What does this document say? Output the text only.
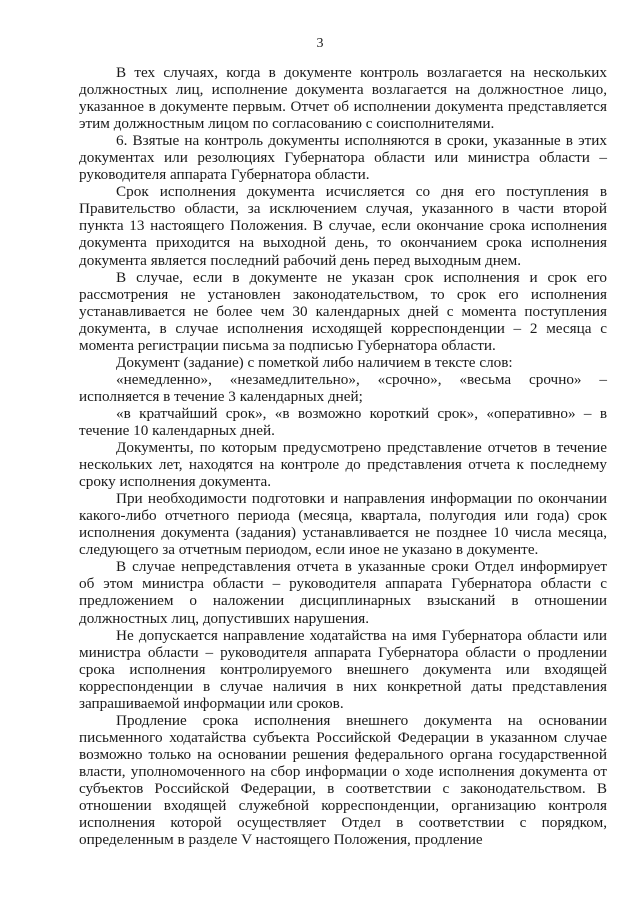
3

В тех случаях, когда в документе контроль возлагается на нескольких должностных лиц, исполнение документа возлагается на должностное лицо, указанное в документе первым. Отчет об исполнении документа представляется этим должностным лицом по согласованию с соисполнителями.

6. Взятые на контроль документы исполняются в сроки, указанные в этих документах или резолюциях Губернатора области или министра области – руководителя аппарата Губернатора области.

Срок исполнения документа исчисляется со дня его поступления в Правительство области, за исключением случая, указанного в части второй пункта 13 настоящего Положения. В случае, если окончание срока исполнения документа приходится на выходной день, то окончанием срока исполнения документа является последний рабочий день перед выходным днем.

В случае, если в документе не указан срок исполнения и срок его рассмотрения не установлен законодательством, то срок его исполнения устанавливается не более чем 30 календарных дней с момента поступления документа, в случае исполнения исходящей корреспонденции – 2 месяца с момента регистрации письма за подписью Губернатора области.

Документ (задание) с пометкой либо наличием в тексте слов:

«немедленно», «незамедлительно», «срочно», «весьма срочно» – исполняется в течение 3 календарных дней;

«в кратчайший срок», «в возможно короткий срок», «оперативно» – в течение 10 календарных дней.

Документы, по которым предусмотрено представление отчетов в течение нескольких лет, находятся на контроле до представления отчета к последнему сроку исполнения документа.

При необходимости подготовки и направления информации по окончании какого-либо отчетного периода (месяца, квартала, полугодия или года) срок исполнения документа (задания) устанавливается не позднее 10 числа месяца, следующего за отчетным периодом, если иное не указано в документе.

В случае непредставления отчета в указанные сроки Отдел информирует об этом министра области – руководителя аппарата Губернатора области с предложением о наложении дисциплинарных взысканий в отношении должностных лиц, допустивших нарушения.

Не допускается направление ходатайства на имя Губернатора области или министра области – руководителя аппарата Губернатора области о продлении срока исполнения контролируемого внешнего документа или входящей корреспонденции в случае наличия в них конкретной даты представления запрашиваемой информации или сроков.

Продление срока исполнения внешнего документа на основании письменного ходатайства субъекта Российской Федерации в указанном случае возможно только на основании решения федерального органа государственной власти, уполномоченного на сбор информации о ходе исполнения документа от субъектов Российской Федерации, в соответствии с законодательством. В отношении входящей служебной корреспонденции, организацию контроля исполнения которой осуществляет Отдел в соответствии с порядком, определенным в разделе V настоящего Положения, продление
